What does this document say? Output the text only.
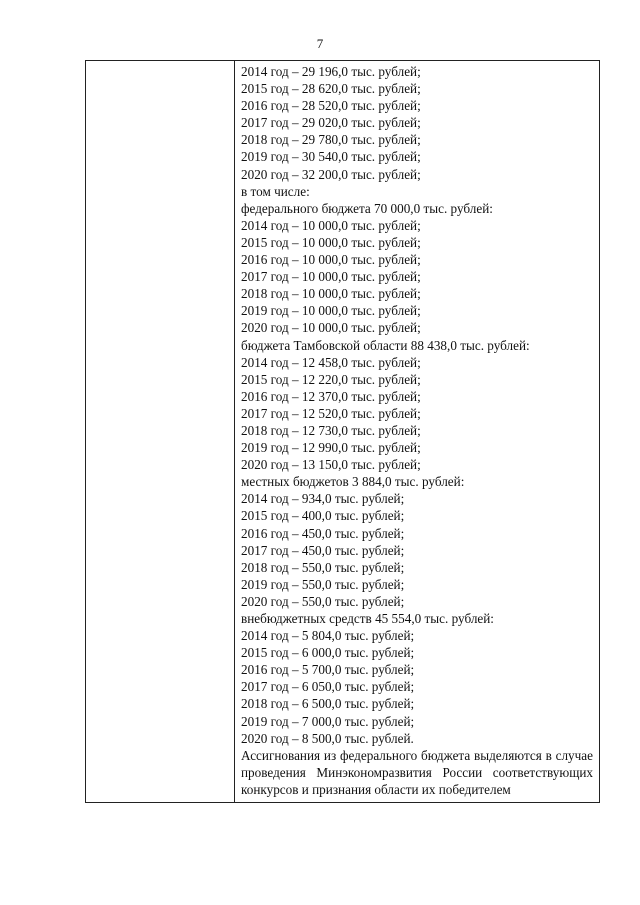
7
2014 год – 29 196,0 тыс. рублей;
2015 год – 28 620,0 тыс. рублей;
2016 год – 28 520,0 тыс. рублей;
2017 год – 29 020,0 тыс. рублей;
2018 год – 29 780,0 тыс. рублей;
2019 год – 30 540,0 тыс. рублей;
2020 год – 32 200,0 тыс. рублей;
в том числе:
федерального бюджета 70 000,0 тыс. рублей:
2014 год – 10 000,0 тыс. рублей;
2015 год – 10 000,0 тыс. рублей;
2016 год – 10 000,0 тыс. рублей;
2017 год – 10 000,0 тыс. рублей;
2018 год – 10 000,0 тыс. рублей;
2019 год – 10 000,0 тыс. рублей;
2020 год – 10 000,0 тыс. рублей;
бюджета Тамбовской области 88 438,0 тыс. рублей:
2014 год – 12 458,0 тыс. рублей;
2015 год – 12 220,0 тыс. рублей;
2016 год – 12 370,0 тыс. рублей;
2017 год – 12 520,0 тыс. рублей;
2018 год – 12 730,0 тыс. рублей;
2019 год – 12 990,0 тыс. рублей;
2020 год – 13 150,0 тыс. рублей;
местных бюджетов 3 884,0 тыс. рублей:
2014 год – 934,0 тыс. рублей;
2015 год – 400,0 тыс. рублей;
2016 год – 450,0 тыс. рублей;
2017 год – 450,0 тыс. рублей;
2018 год – 550,0 тыс. рублей;
2019 год – 550,0 тыс. рублей;
2020 год – 550,0 тыс. рублей;
внебюджетных средств 45 554,0 тыс. рублей:
2014 год – 5 804,0 тыс. рублей;
2015 год – 6 000,0 тыс. рублей;
2016 год – 5 700,0 тыс. рублей;
2017 год – 6 050,0 тыс. рублей;
2018 год – 6 500,0 тыс. рублей;
2019 год – 7 000,0 тыс. рублей;
2020 год – 8 500,0 тыс. рублей.
Ассигнования из федерального бюджета выделяются в случае проведения Минэкономразвития России соответствующих конкурсов и признания области их победителем
